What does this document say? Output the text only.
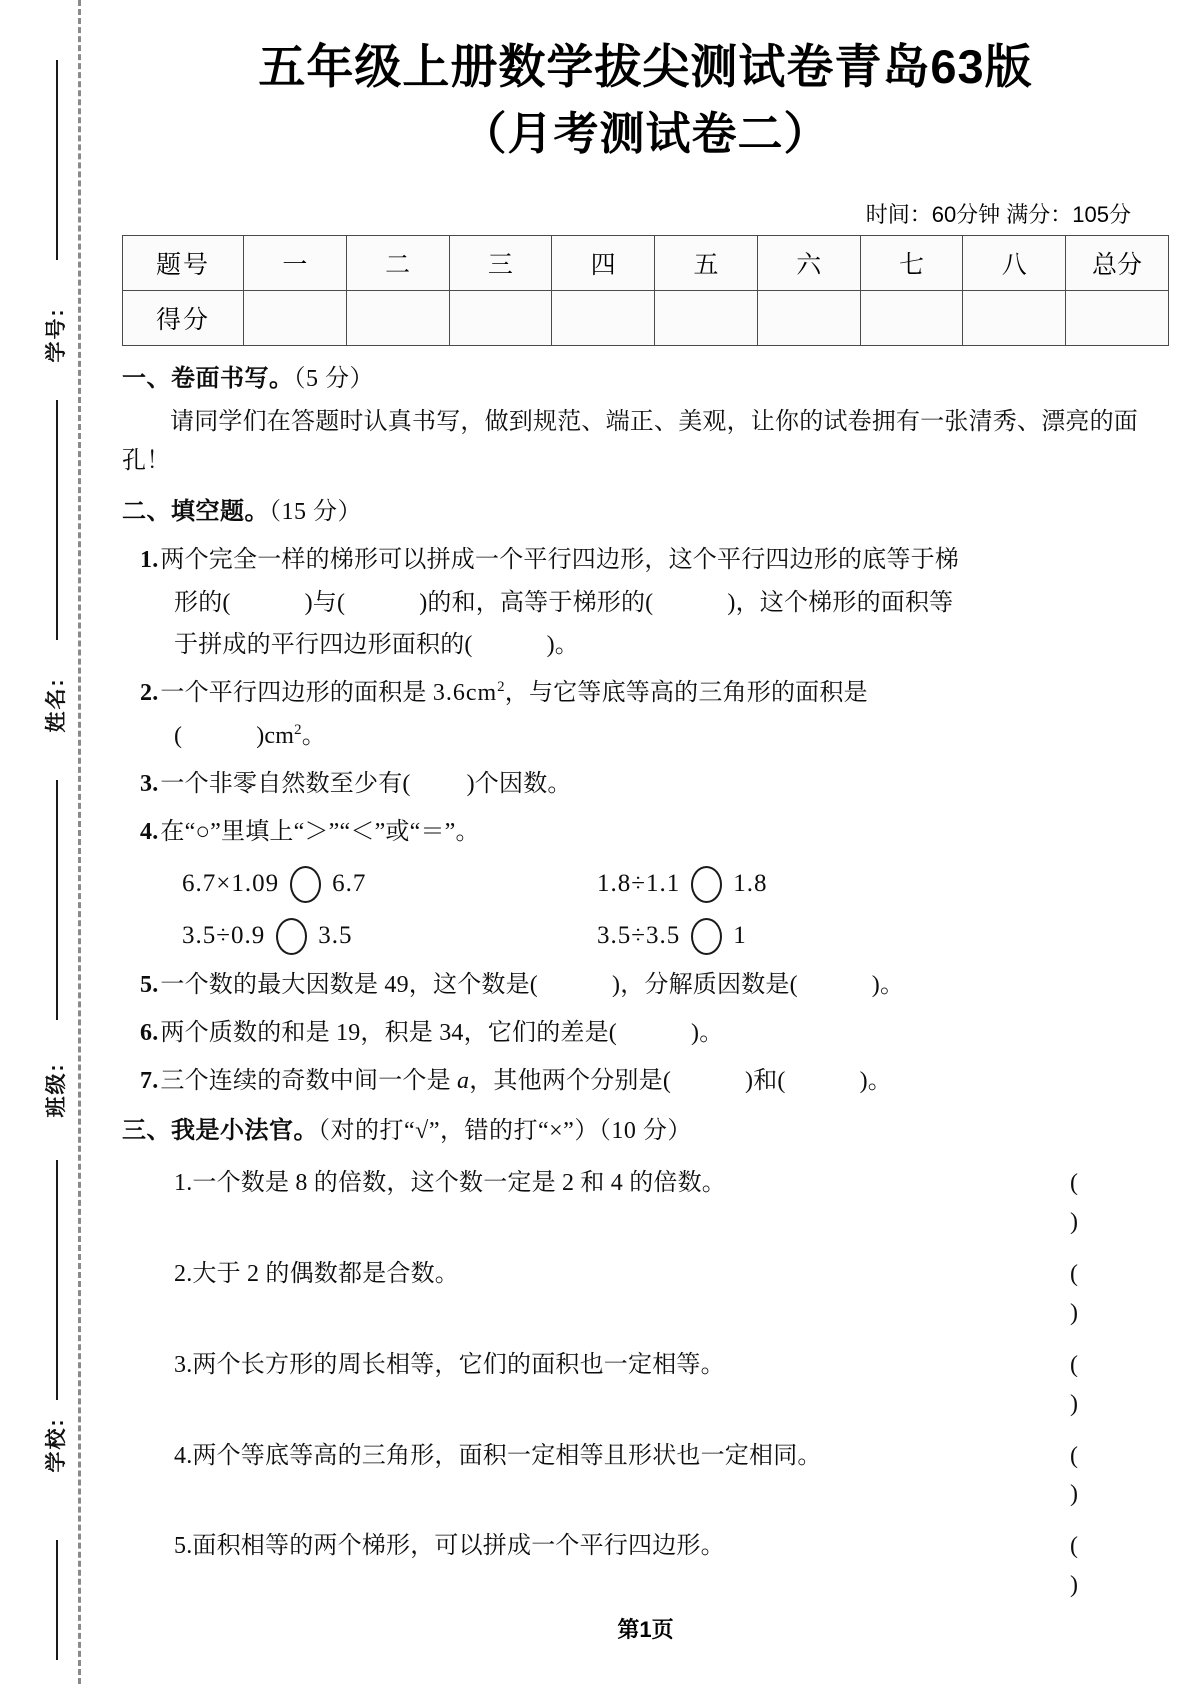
学号:
姓名:
班级:
学校:
五年级上册数学拔尖测试卷青岛63版
（月考测试卷二）
时间：60分钟 满分：105分
题号	一	二	三	四	五	六	七	八	总分
得分									
一、卷面书写。（5 分）
请同学们在答题时认真书写，做到规范、端正、美观，让你的试卷拥有一张清秀、漂亮的面孔！
二、填空题。（15 分）
1.两个完全一样的梯形可以拼成一个平行四边形，这个平行四边形的底等于梯
形的(	)与(	)的和，高等于梯形的(	)，这个梯形的面积等
于拼成的平行四边形面积的(	)。
2.一个平行四边形的面积是 $3.6cm^2$，与它等底等高的三角形的面积是
(	)$cm^2$。
3.一个非零自然数至少有( )个因数。
4.在“○”里填上“＞”“＜”或“＝”。
6.7×1.09 6.7	1.8÷1.1 1.8
3.5÷0.9 3.5	3.5÷3.5 1
5.一个数的最大因数是 49，这个数是(	)，分解质因数是(	)。
6.两个质数的和是 19，积是 34，它们的差是(	)。
7.三个连续的奇数中间一个是 a，其他两个分别是(	)和(	)。
三、我是小法官。（对的打“√”，错的打“×”）（10 分）
1.一个数是 8 的倍数，这个数一定是 2 和 4 的倍数。	( )
2.大于 2 的偶数都是合数。	( )
3.两个长方形的周长相等，它们的面积也一定相等。	( )
4.两个等底等高的三角形，面积一定相等且形状也一定相同。	( )
5.面积相等的两个梯形，可以拼成一个平行四边形。	( )
第1页
